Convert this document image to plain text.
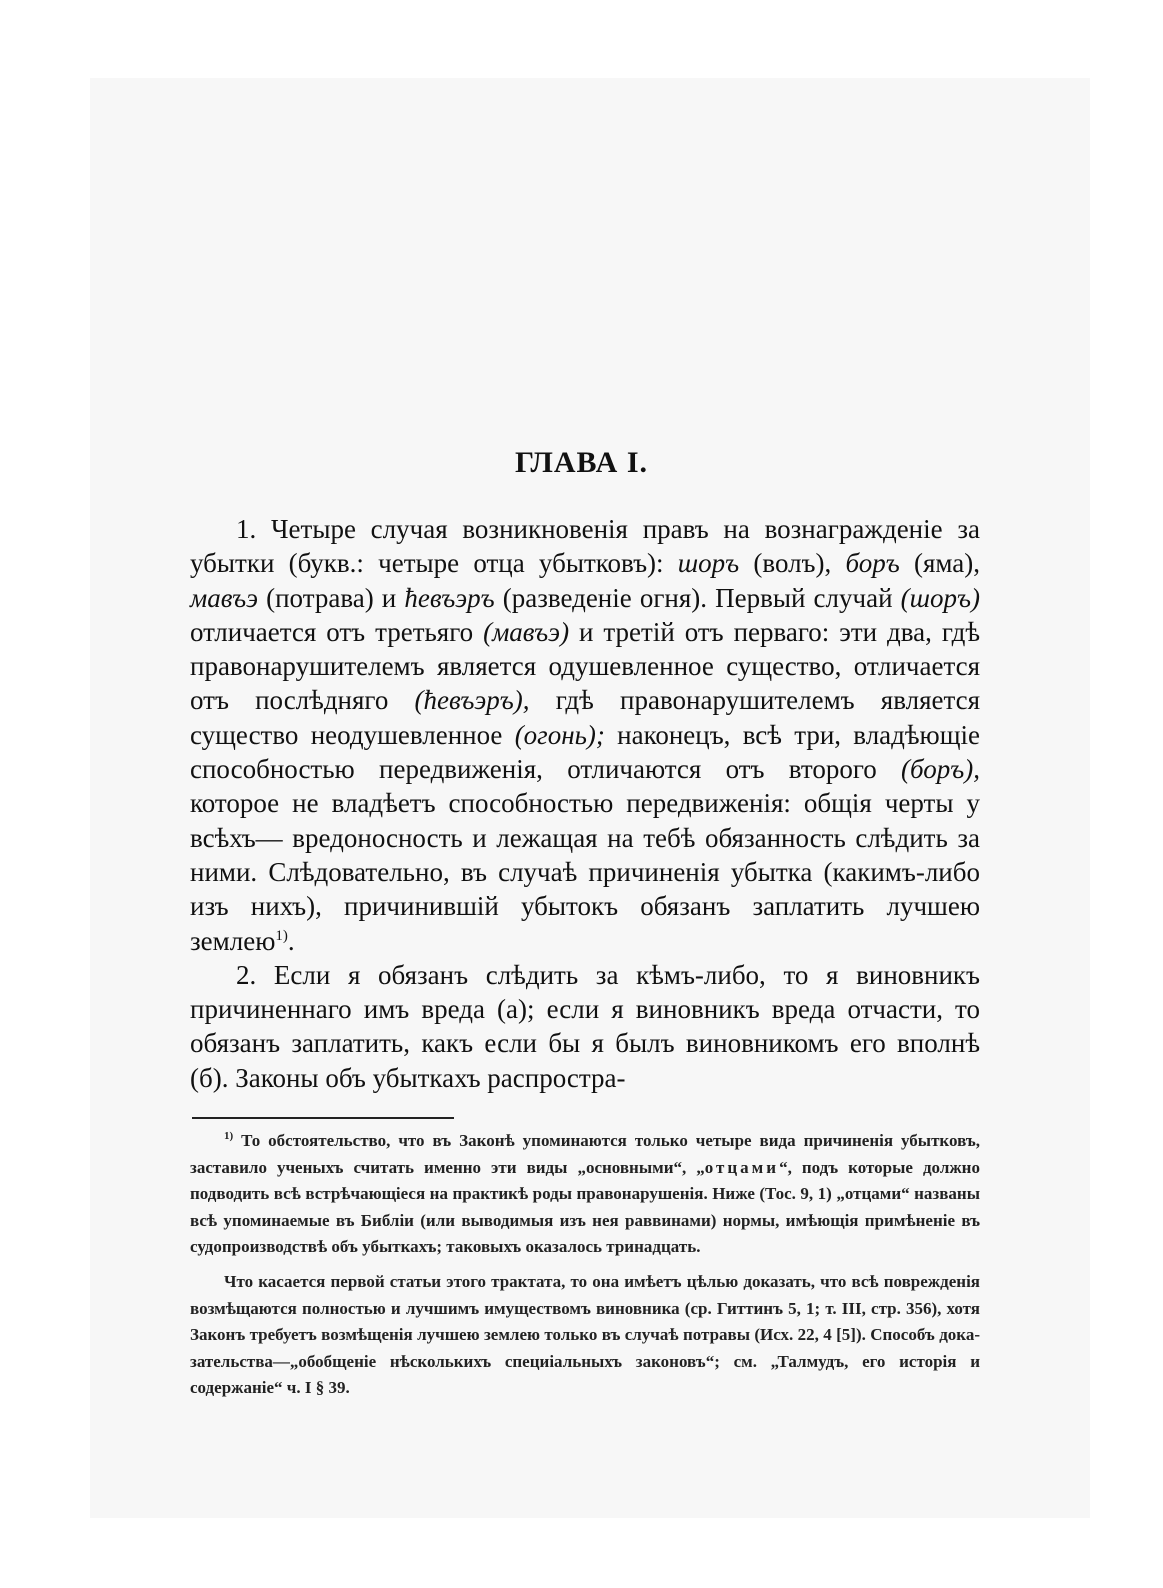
ГЛАВА I.

1. Четыре случая возникновенія правъ на вознагражденіе за убытки (букв.: четыре отца убытковъ): шоръ (волъ), боръ (яма), мавъэ (потрава) и ћевъэръ (разведеніе огня). Первый случай (шоръ) отличается отъ третьяго (мавъэ) и третій отъ перваго: эти два, гдѣ правонарушителемъ является одушевленное существо, отличается отъ послѣдняго (ћевъэръ), гдѣ правонарушителемъ является существо неодушевленное (огонь); наконецъ, всѣ три, владѣющіе способностью передвиженія, отличаются отъ второго (боръ), которое не владѣетъ способностью передвиженія: общія черты у всѣхъ— вредоносность и лежащая на тебѣ обязанность слѣдить за ними. Слѣдовательно, въ случаѣ причиненія убытка (какимъ-либо изъ нихъ), причинившій убытокъ обязанъ заплатить лучшею землею$^{1)}$.

2. Если я обязанъ слѣдить за кѣмъ-либо, то я виновникъ причиненнаго имъ вреда (а); если я виновникъ вреда отчасти, то обязанъ заплатить, какъ если бы я былъ виновникомъ его вполнѣ (б). Законы объ убыткахъ распростра-

$^{1)}$ То обстоятельство, что въ Законѣ упоминаются только четыре вида причиненія убытковъ, заставило ученыхъ считать именно эти виды „основными“, „отцами“, подъ которые должно подводить всѣ встрѣчающіеся на практикѣ роды правонарушенія. Ниже (Тос. 9, 1) „отцами“ названы всѣ упоминаемые въ Библіи (или выводимыя изъ нея раввинами) нормы, имѣющія примѣненіе въ судопроизводствѣ объ убыткахъ; таковыхъ оказалось тринадцать.

Что касается первой статьи этого трактата, то она имѣетъ цѣлью доказать, что всѣ поврежденія возмѣщаются полностью и лучшимъ имуществомъ виновника (ср. Гиттинъ 5, 1; т. III, стр. 356), хотя Законъ требуетъ возмѣщенія лучшею землею только въ случаѣ потравы (Исх. 22, 4 [5]). Способъ доказательства—„обобщеніе нѣсколькихъ специіальныхъ законовъ“; см. „Талмудъ, его исторія и содержаніе“ ч. I § 39.
